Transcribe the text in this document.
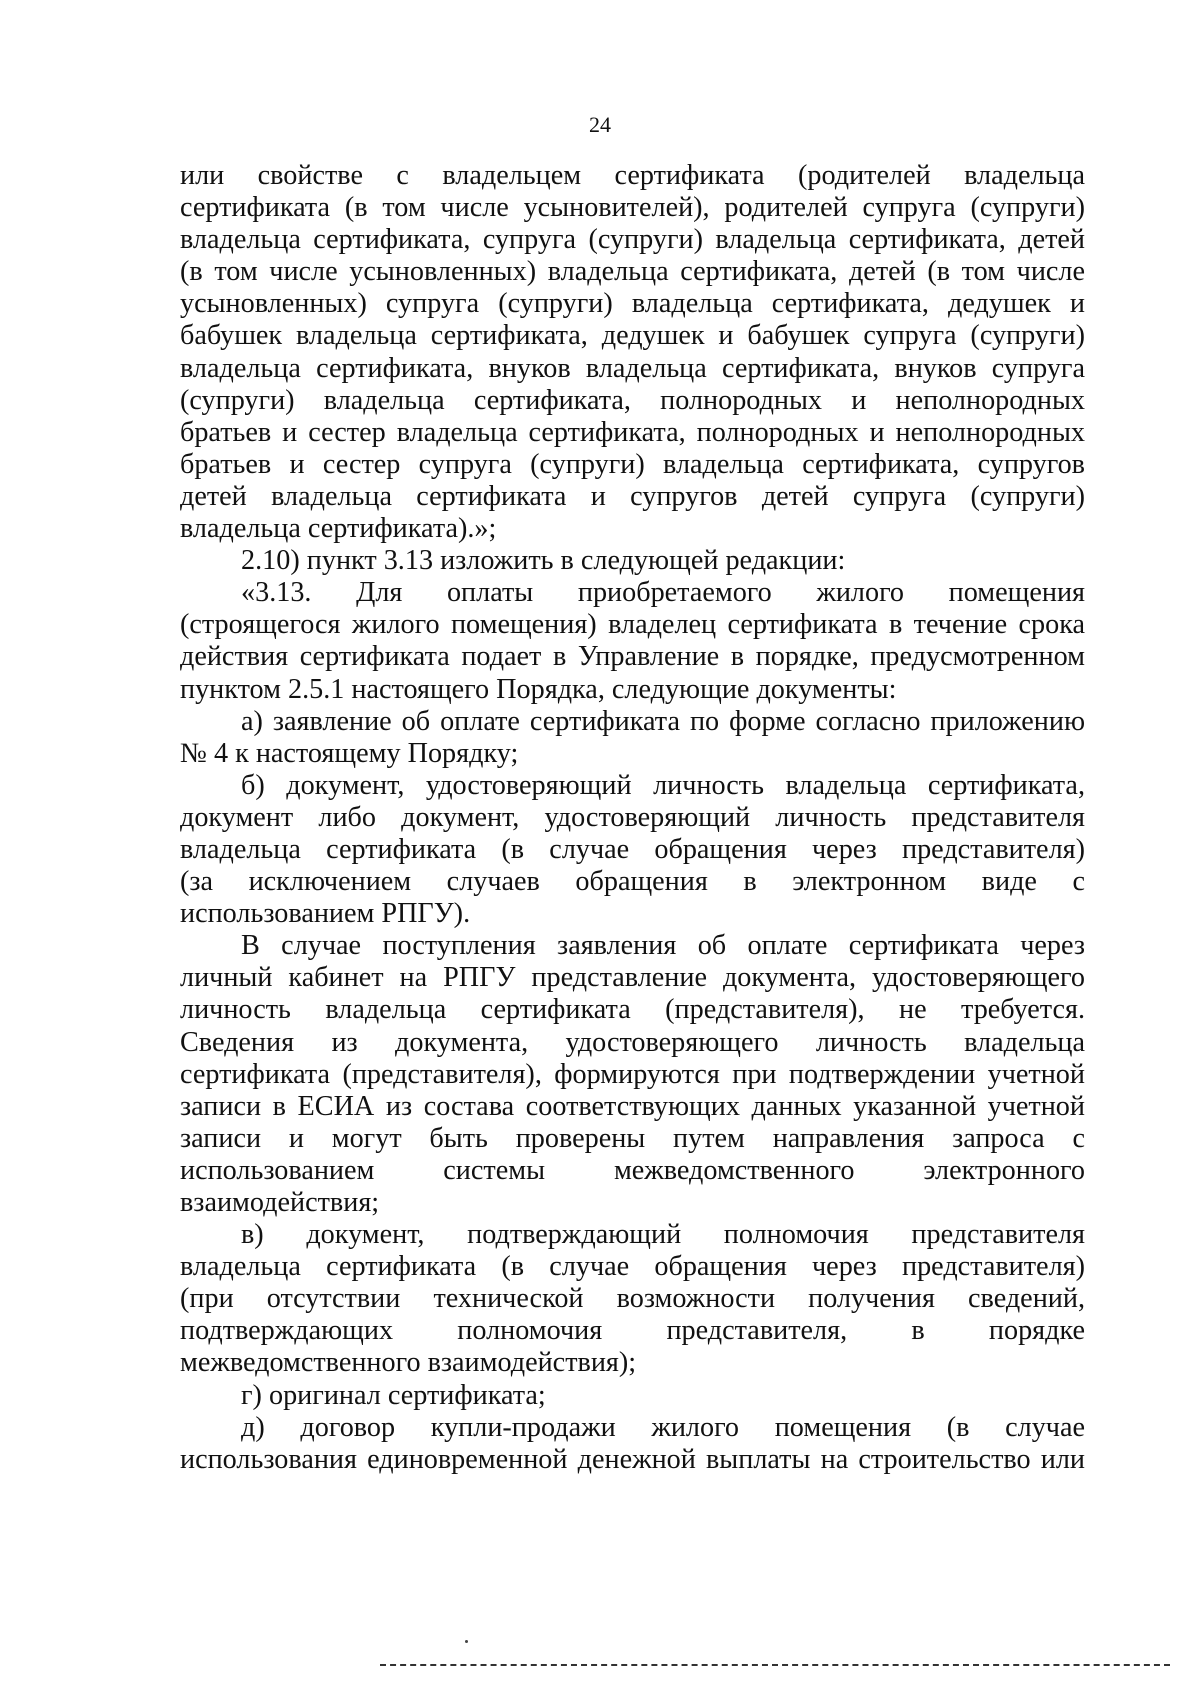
24
или свойстве с владельцем сертификата (родителей владельца
сертификата (в том числе усыновителей), родителей супруга (супруги)
владельца сертификата, супруга (супруги) владельца сертификата, детей
(в том числе усыновленных) владельца сертификата, детей (в том числе
усыновленных) супруга (супруги) владельца сертификата, дедушек и
бабушек владельца сертификата, дедушек и бабушек супруга (супруги)
владельца сертификата, внуков владельца сертификата, внуков супруга
(супруги) владельца сертификата, полнородных и неполнородных
братьев и сестер владельца сертификата, полнородных и неполнородных
братьев и сестер супруга (супруги) владельца сертификата, супругов
детей владельца сертификата и супругов детей супруга (супруги)
владельца сертификата).»;
2.10) пункт 3.13 изложить в следующей редакции:
«3.13. Для оплаты приобретаемого жилого помещения
(строящегося жилого помещения) владелец сертификата в течение срока
действия сертификата подает в Управление в порядке, предусмотренном
пунктом 2.5.1 настоящего Порядка, следующие документы:
а) заявление об оплате сертификата по форме согласно приложению
№ 4 к настоящему Порядку;
б) документ, удостоверяющий личность владельца сертификата,
документ либо документ, удостоверяющий личность представителя
владельца сертификата (в случае обращения через представителя)
(за исключением случаев обращения в электронном виде с
использованием РПГУ).
В случае поступления заявления об оплате сертификата через
личный кабинет на РПГУ представление документа, удостоверяющего
личность владельца сертификата (представителя), не требуется.
Сведения из документа, удостоверяющего личность владельца
сертификата (представителя), формируются при подтверждении учетной
записи в ЕСИА из состава соответствующих данных указанной учетной
записи и могут быть проверены путем направления запроса с
использованием системы межведомственного электронного
взаимодействия;
в) документ, подтверждающий полномочия представителя
владельца сертификата (в случае обращения через представителя)
(при отсутствии технической возможности получения сведений,
подтверждающих полномочия представителя, в порядке
межведомственного взаимодействия);
г) оригинал сертификата;
д) договор купли-продажи жилого помещения (в случае
использования единовременной денежной выплаты на строительство или
